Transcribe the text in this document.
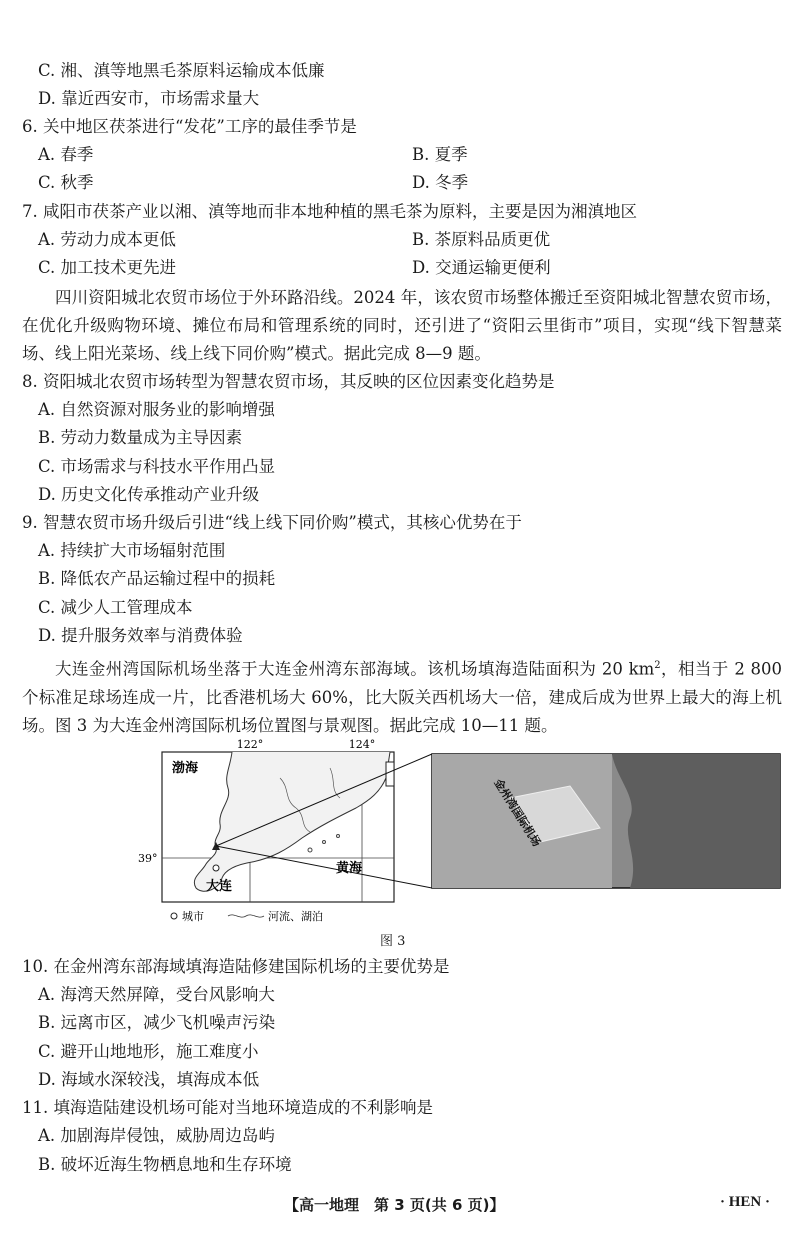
C. 湘、滇等地黑毛茶原料运输成本低廉
D. 靠近西安市，市场需求量大
6. 关中地区茯茶进行“发花”工序的最佳季节是
A. 春季	B. 夏季
C. 秋季	D. 冬季
7. 咸阳市茯茶产业以湘、滇等地而非本地种植的黑毛茶为原料，主要是因为湘滇地区
A. 劳动力成本更低	B. 茶原料品质更优
C. 加工技术更先进	D. 交通运输更便利
四川资阳城北农贸市场位于外环路沿线。2024 年，该农贸市场整体搬迁至资阳城北智慧农贸市场，在优化升级购物环境、摊位布局和管理系统的同时，还引进了“资阳云里街市”项目，实现“线下智慧菜场、线上阳光菜场、线上线下同价购”模式。据此完成 8—9 题。
8. 资阳城北农贸市场转型为智慧农贸市场，其反映的区位因素变化趋势是
A. 自然资源对服务业的影响增强
B. 劳动力数量成为主导因素
C. 市场需求与科技水平作用凸显
D. 历史文化传承推动产业升级
9. 智慧农贸市场升级后引进“线上线下同价购”模式，其核心优势在于
A. 持续扩大市场辐射范围
B. 降低农产品运输过程中的损耗
C. 减少人工管理成本
D. 提升服务效率与消费体验
大连金州湾国际机场坐落于大连金州湾东部海域。该机场填海造陆面积为 20 $km^2$，相当于 2 800 个标准足球场连成一片，比香港机场大 60%，比大阪关西机场大一倍，建成后成为世界上最大的海上机场。图 3 为大连金州湾国际机场位置图与景观图。据此完成 10—11 题。
122°	124°
39°
渤海
黄海
大连
城市	河流、湖泊
金州湾国际机场
图 3
10. 在金州湾东部海域填海造陆修建国际机场的主要优势是
A. 海湾天然屏障，受台风影响大
B. 远离市区，减少飞机噪声污染
C. 避开山地地形，施工难度小
D. 海域水深较浅，填海成本低
11. 填海造陆建设机场可能对当地环境造成的不利影响是
A. 加剧海岸侵蚀，威胁周边岛屿
B. 破坏近海生物栖息地和生存环境
【高一地理　第 3 页(共 6 页)】	· HEN ·
